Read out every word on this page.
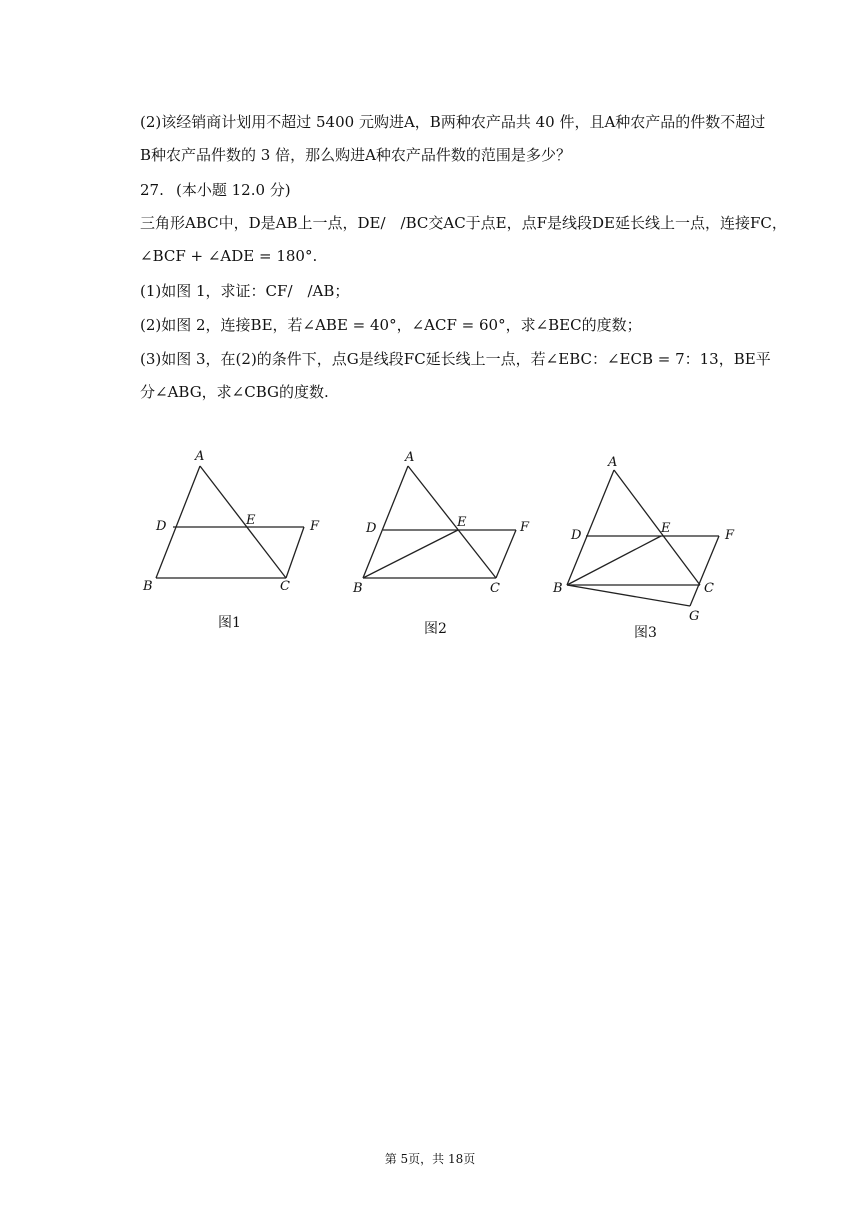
(2)该经销商计划用不超过 5400 元购进A，B两种农产品共 40 件，且A种农产品的件数不超过
B种农产品件数的 3 倍，那么购进A种农产品件数的范围是多少？
27. (本小题 12.0 分)
三角形ABC中，D是AB上一点，DE/　/BC交AC于点E，点F是线段DE延长线上一点，连接FC，
∠BCF + ∠ADE = 180°.
(1)如图 1，求证：CF/　/AB；
(2)如图 2，连接BE，若∠ABE = 40°，∠ACF = 60°，求∠BEC的度数；
(3)如图 3，在(2)的条件下，点G是线段FC延长线上一点，若∠EBC：∠ECB = 7：13，BE平
分∠ABG，求∠CBG的度数.
A
B	C
D	E	F
A
B	C
D	E	F
A
B	C
D	E	F
G
图1	图2	图3
第 5页，共 18页
